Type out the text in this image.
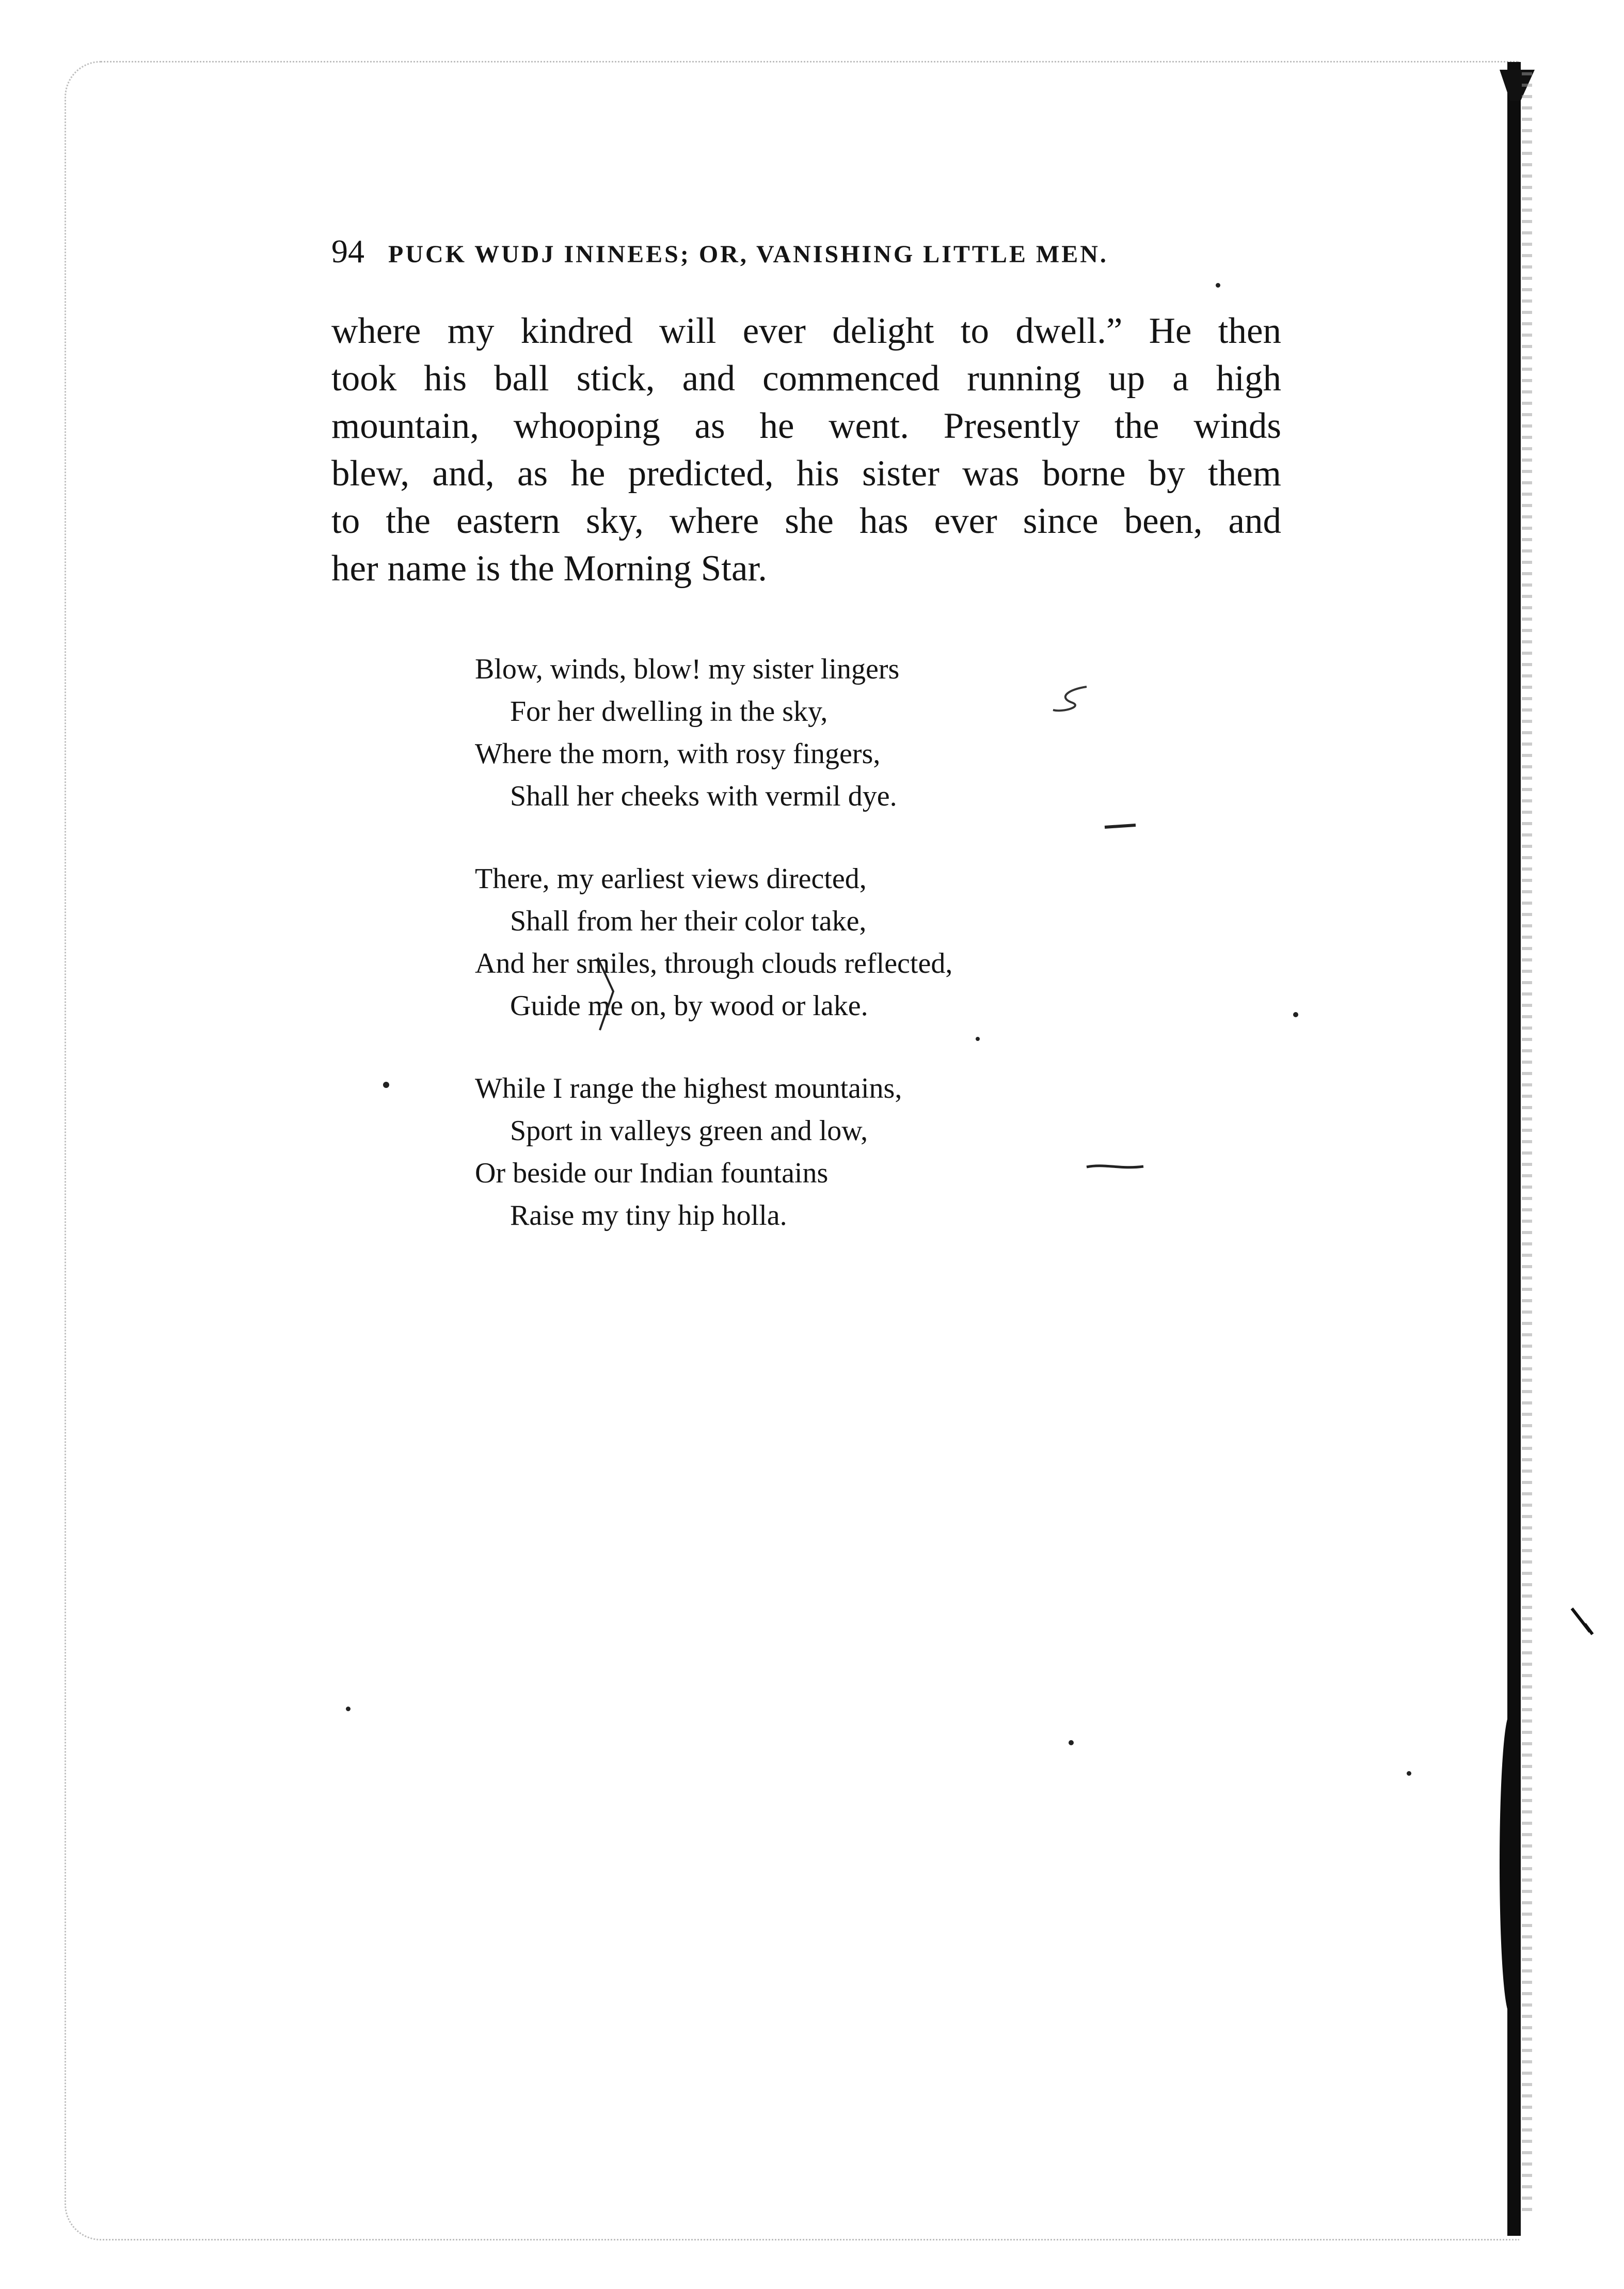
94 PUCK WUDJ ININEES; OR, VANISHING LITTLE MEN.
where my kindred will ever delight to dwell.” He then
took his ball stick, and commenced running up a high
mountain, whooping as he went. Presently the winds
blew, and, as he predicted, his sister was borne by them
to the eastern sky, where she has ever since been, and
her name is the Morning Star.
Blow, winds, blow! my sister lingers
For her dwelling in the sky,
Where the morn, with rosy fingers,
Shall her cheeks with vermil dye.
There, my earliest views directed,
Shall from her their color take,
And her smiles, through clouds reflected,
Guide me on, by wood or lake.
While I range the highest mountains,
Sport in valleys green and low,
Or beside our Indian fountains
Raise my tiny hip holla.
